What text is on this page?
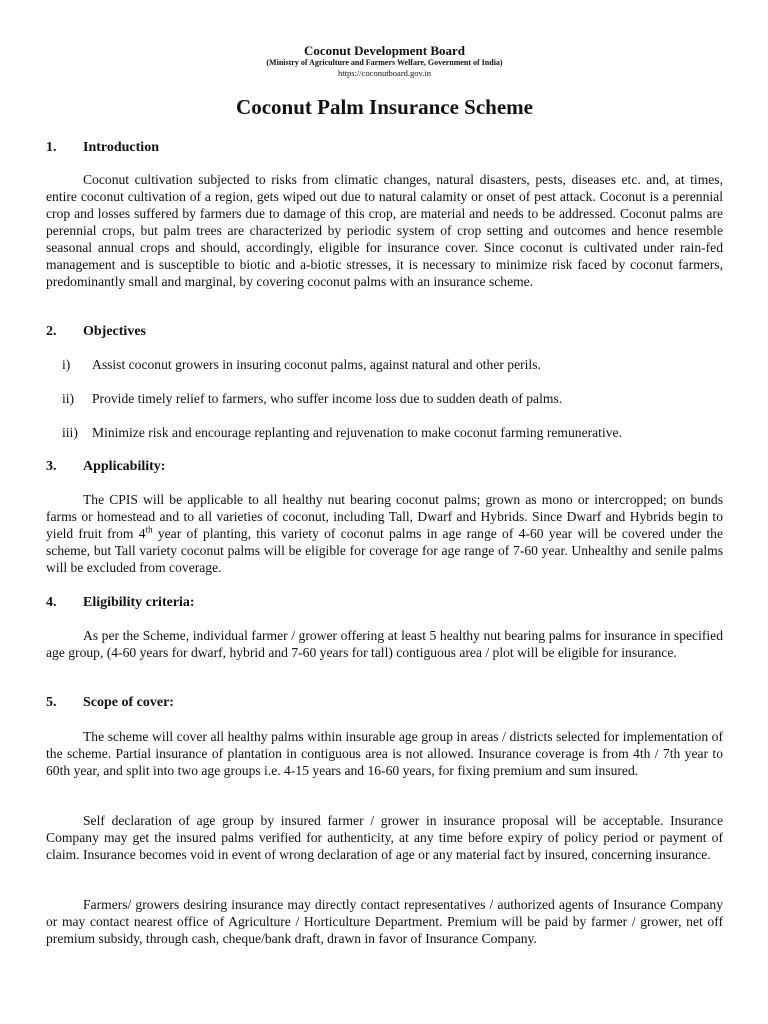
Coconut Development Board
(Ministry of Agriculture and Farmers Welfare, Government of India)
https://coconutboard.gov.in
Coconut Palm Insurance Scheme
1. Introduction

Coconut cultivation subjected to risks from climatic changes, natural disasters, pests, diseases etc. and, at times, entire coconut cultivation of a region, gets wiped out due to natural calamity or onset of pest attack. Coconut is a perennial crop and losses suffered by farmers due to damage of this crop, are material and needs to be addressed. Coconut palms are perennial crops, but palm trees are characterized by periodic system of crop setting and outcomes and hence resemble seasonal annual crops and should, accordingly, eligible for insurance cover. Since coconut is cultivated under rain-fed management and is susceptible to biotic and a-biotic stresses, it is necessary to minimize risk faced by coconut farmers, predominantly small and marginal, by covering coconut palms with an insurance scheme.

2. Objectives
i) Assist coconut growers in insuring coconut palms, against natural and other perils.
ii) Provide timely relief to farmers, who suffer income loss due to sudden death of palms.
iii) Minimize risk and encourage replanting and rejuvenation to make coconut farming remunerative.
3. Applicability:

The CPIS will be applicable to all healthy nut bearing coconut palms; grown as mono or intercropped; on bunds farms or homestead and to all varieties of coconut, including Tall, Dwarf and Hybrids. Since Dwarf and Hybrids begin to yield fruit from 4th year of planting, this variety of coconut palms in age range of 4-60 year will be covered under the scheme, but Tall variety coconut palms will be eligible for coverage for age range of 7-60 year. Unhealthy and senile palms will be excluded from coverage.

4. Eligibility criteria:

As per the Scheme, individual farmer / grower offering at least 5 healthy nut bearing palms for insurance in specified age group, (4-60 years for dwarf, hybrid and 7-60 years for tall) contiguous area / plot will be eligible for insurance.

5. Scope of cover:

The scheme will cover all healthy palms within insurable age group in areas / districts selected for implementation of the scheme. Partial insurance of plantation in contiguous area is not allowed. Insurance coverage is from 4th / 7th year to 60th year, and split into two age groups i.e. 4-15 years and 16-60 years, for fixing premium and sum insured.

Self declaration of age group by insured farmer / grower in insurance proposal will be acceptable. Insurance Company may get the insured palms verified for authenticity, at any time before expiry of policy period or payment of claim. Insurance becomes void in event of wrong declaration of age or any material fact by insured, concerning insurance.

Farmers/ growers desiring insurance may directly contact representatives / authorized agents of Insurance Company or may contact nearest office of Agriculture / Horticulture Department. Premium will be paid by farmer / grower, net off premium subsidy, through cash, cheque/bank draft, drawn in favor of Insurance Company.
